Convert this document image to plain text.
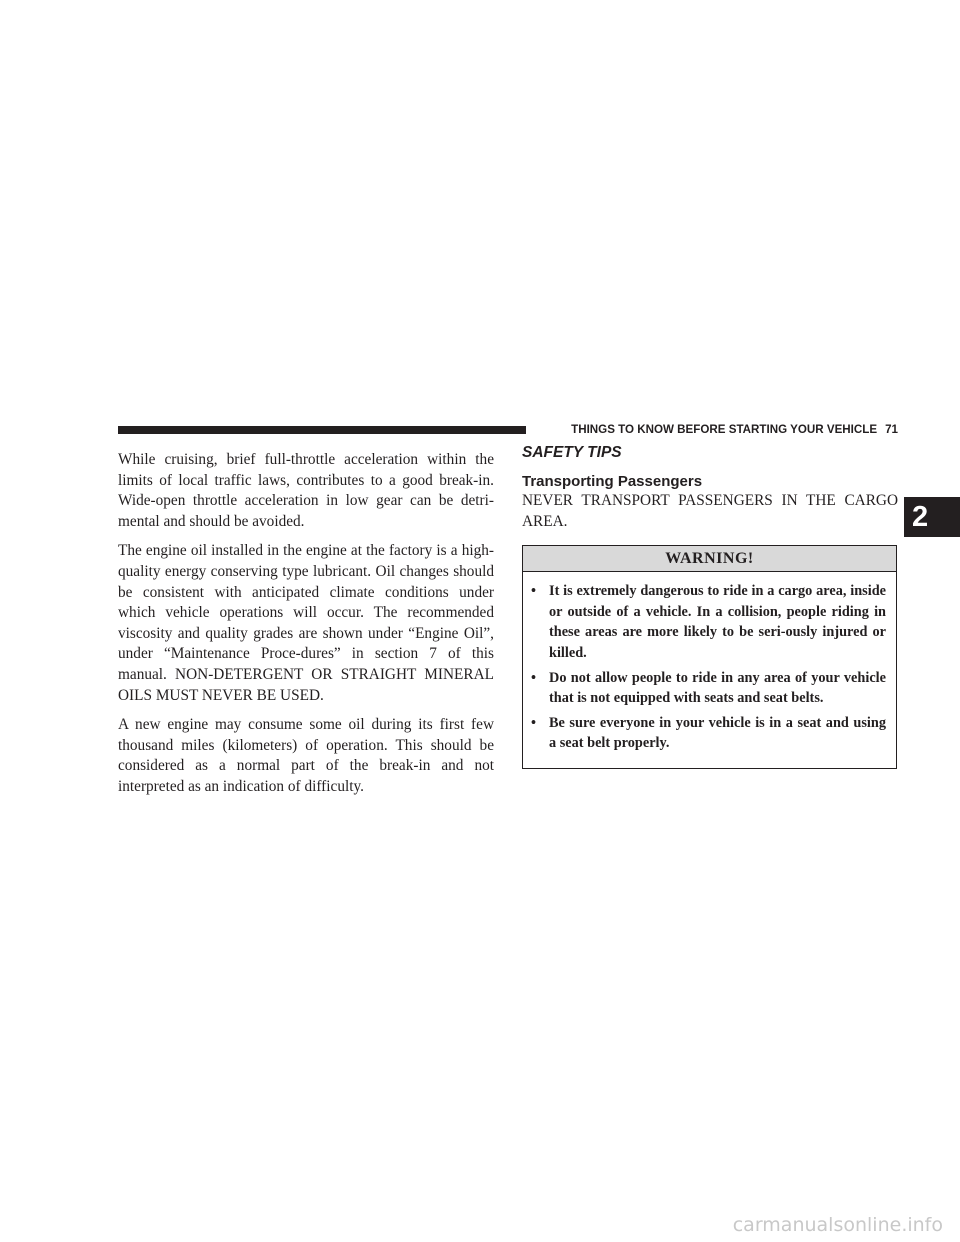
THINGS TO KNOW BEFORE STARTING YOUR VEHICLE 71
2

While cruising, brief full-throttle acceleration within the limits of local traffic laws, contributes to a good break-in. Wide-open throttle acceleration in low gear can be detri-mental and should be avoided.

The engine oil installed in the engine at the factory is a high-quality energy conserving type lubricant. Oil changes should be consistent with anticipated climate conditions under which vehicle operations will occur. The recommended viscosity and quality grades are shown under “Engine Oil”, under “Maintenance Proce-dures” in section 7 of this manual. NON-DETERGENT OR STRAIGHT MINERAL OILS MUST NEVER BE USED.

A new engine may consume some oil during its first few thousand miles (kilometers) of operation. This should be considered as a normal part of the break-in and not interpreted as an indication of difficulty.

SAFETY TIPS
Transporting Passengers

NEVER TRANSPORT PASSENGERS IN THE CARGO AREA.

WARNING!
• It is extremely dangerous to ride in a cargo area, inside or outside of a vehicle. In a collision, people riding in these areas are more likely to be seri-ously injured or killed.
• Do not allow people to ride in any area of your vehicle that is not equipped with seats and seat belts.
• Be sure everyone in your vehicle is in a seat and using a seat belt properly.
carmanualsonline.info
